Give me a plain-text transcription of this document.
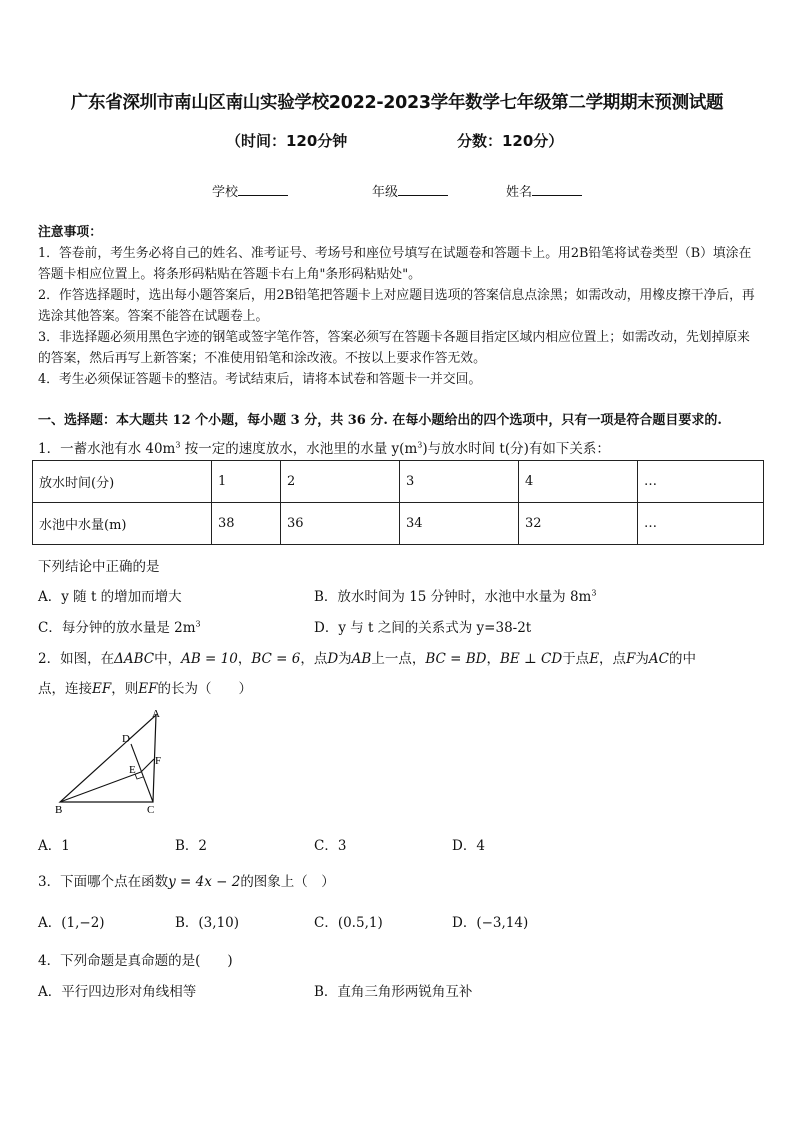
广东省深圳市南山区南山实验学校2022-2023学年数学七年级第二学期期末预测试题
（时间：120分钟	分数：120分）
学校	年级	姓名

注意事项：

1．答卷前，考生务必将自己的姓名、准考证号、考场号和座位号填写在试题卷和答题卡上。用2B铅笔将试卷类型（B）填涂在答题卡相应位置上。将条形码粘贴在答题卡右上角"条形码粘贴处"。

2．作答选择题时，选出每小题答案后，用2B铅笔把答题卡上对应题目选项的答案信息点涂黑；如需改动，用橡皮擦干净后，再选涂其他答案。答案不能答在试题卷上。

3．非选择题必须用黑色字迹的钢笔或签字笔作答，答案必须写在答题卡各题目指定区域内相应位置上；如需改动，先划掉原来的答案，然后再写上新答案；不准使用铅笔和涂改液。不按以上要求作答无效。

4．考生必须保证答题卡的整洁。考试结束后，请将本试卷和答题卡一并交回。

一、选择题：本大题共 12 个小题，每小题 3 分，共 36 分. 在每小题给出的四个选项中，只有一项是符合题目要求的.
1．一蓄水池有水 $40m^3$ 按一定的速度放水，水池里的水量 $y(m^3)$与放水时间 t(分)有如下关系：
放水时间(分)	1	2	3	4	…
水池中水量(m)	38	36	34	32	…
下列结论中正确的是
A．y 随 t 的增加而增大	B．放水时间为 15 分钟时，水池中水量为 $8m^3$
C．每分钟的放水量是 $2m^3$	D．y 与 t 之间的关系式为 y=38-2t
2．如图，在ΔABC中，AB = 10，BC = 6，点D为AB上一点，BC = BD，BE ⊥ CD于点E，点F为AC的中
点，连接EF，则EF的长为（　　）
A
D
F
E
B	C
A．1	B．2	C．3	D．4
3．下面哪个点在函数y = 4x − 2的图象上（　）
A．(1,−2)	B．(3,10)	C．(0.5,1)	D．(−3,14)
4．下列命题是真命题的是(　　)
A．平行四边形对角线相等	B．直角三角形两锐角互补
